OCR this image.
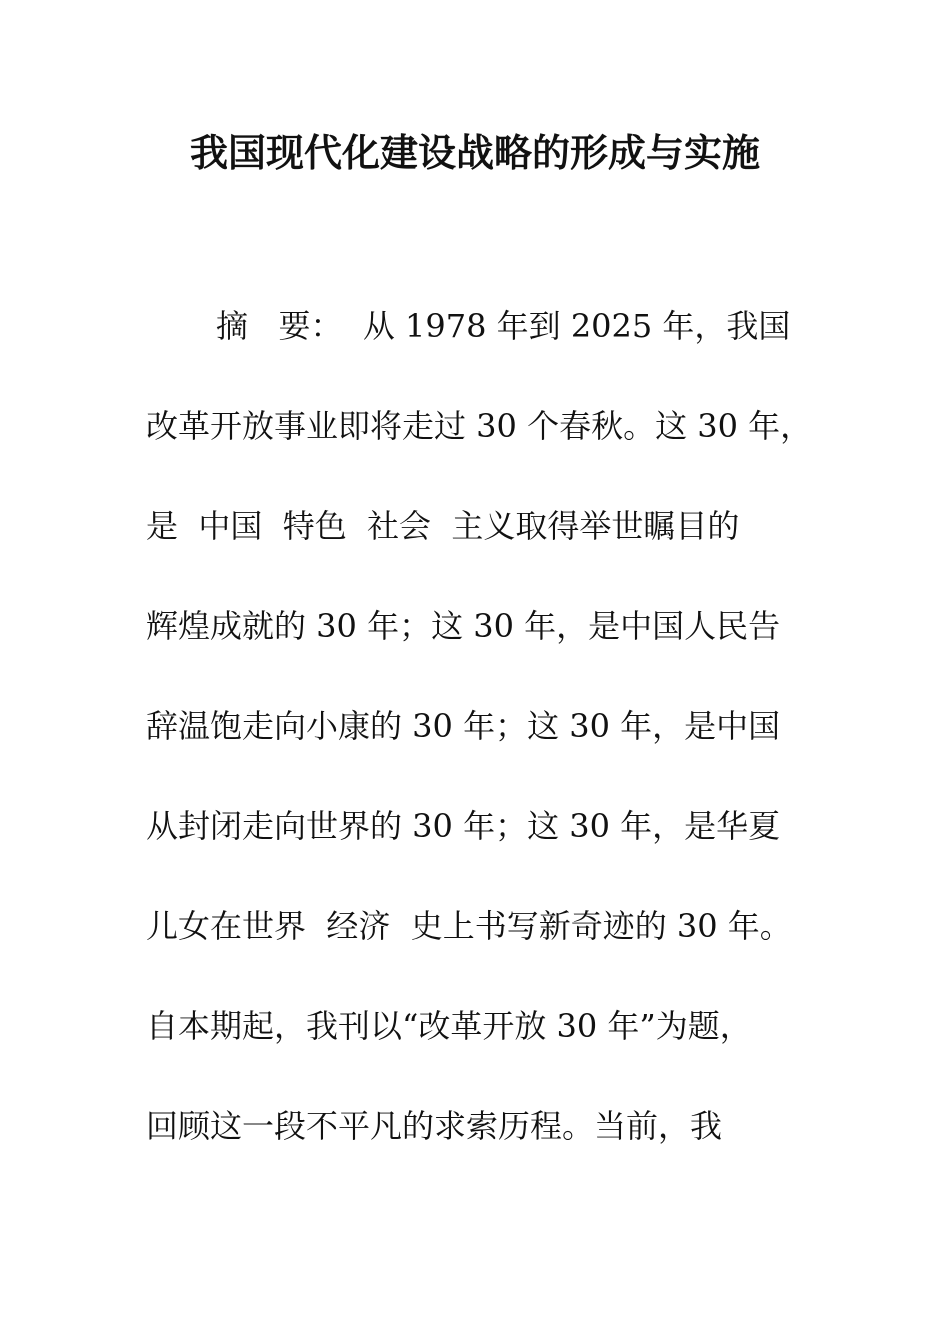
我国现代化建设战略的形成与实施
摘   要：  从 1978 年到 2025 年，我国
改革开放事业即将走过 30 个春秋。这 30 年，
是  中国  特色  社会  主义取得举世瞩目的
辉煌成就的 30 年；这 30 年，是中国人民告
辞温饱走向小康的 30 年；这 30 年，是中国
从封闭走向世界的 30 年；这 30 年，是华夏
儿女在世界  经济  史上书写新奇迹的 30 年。
自本期起，我刊以“改革开放 30 年”为题，
回顾这一段不平凡的求索历程。当前，我
